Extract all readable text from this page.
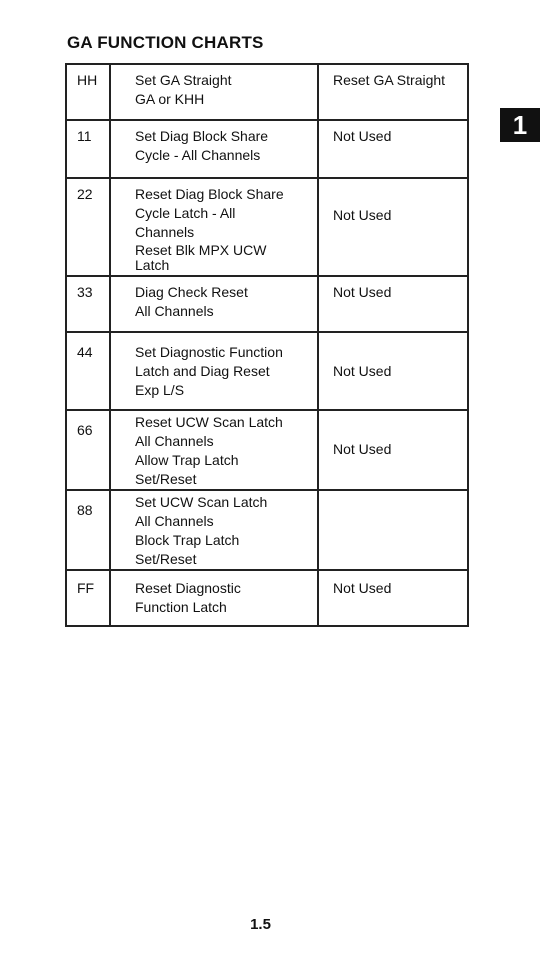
GA FUNCTION CHARTS
1
HH	Set GA Straight
GA or KHH	Reset GA Straight

11	Set Diag Block Share
Cycle - All Channels	Not Used

22	Reset Diag Block Share
Cycle Latch - All
Channels
Reset Blk MPX UCW
Latch	Not Used

33	Diag Check Reset
All Channels	Not Used

44	Set Diagnostic Function
Latch and Diag Reset
Exp L/S	Not Used

66	Reset UCW Scan Latch
All Channels
Allow Trap Latch
Set/Reset	Not Used

88	Set UCW Scan Latch
All Channels
Block Trap Latch
Set/Reset	

FF	Reset Diagnostic
Function Latch	Not Used
1.5
